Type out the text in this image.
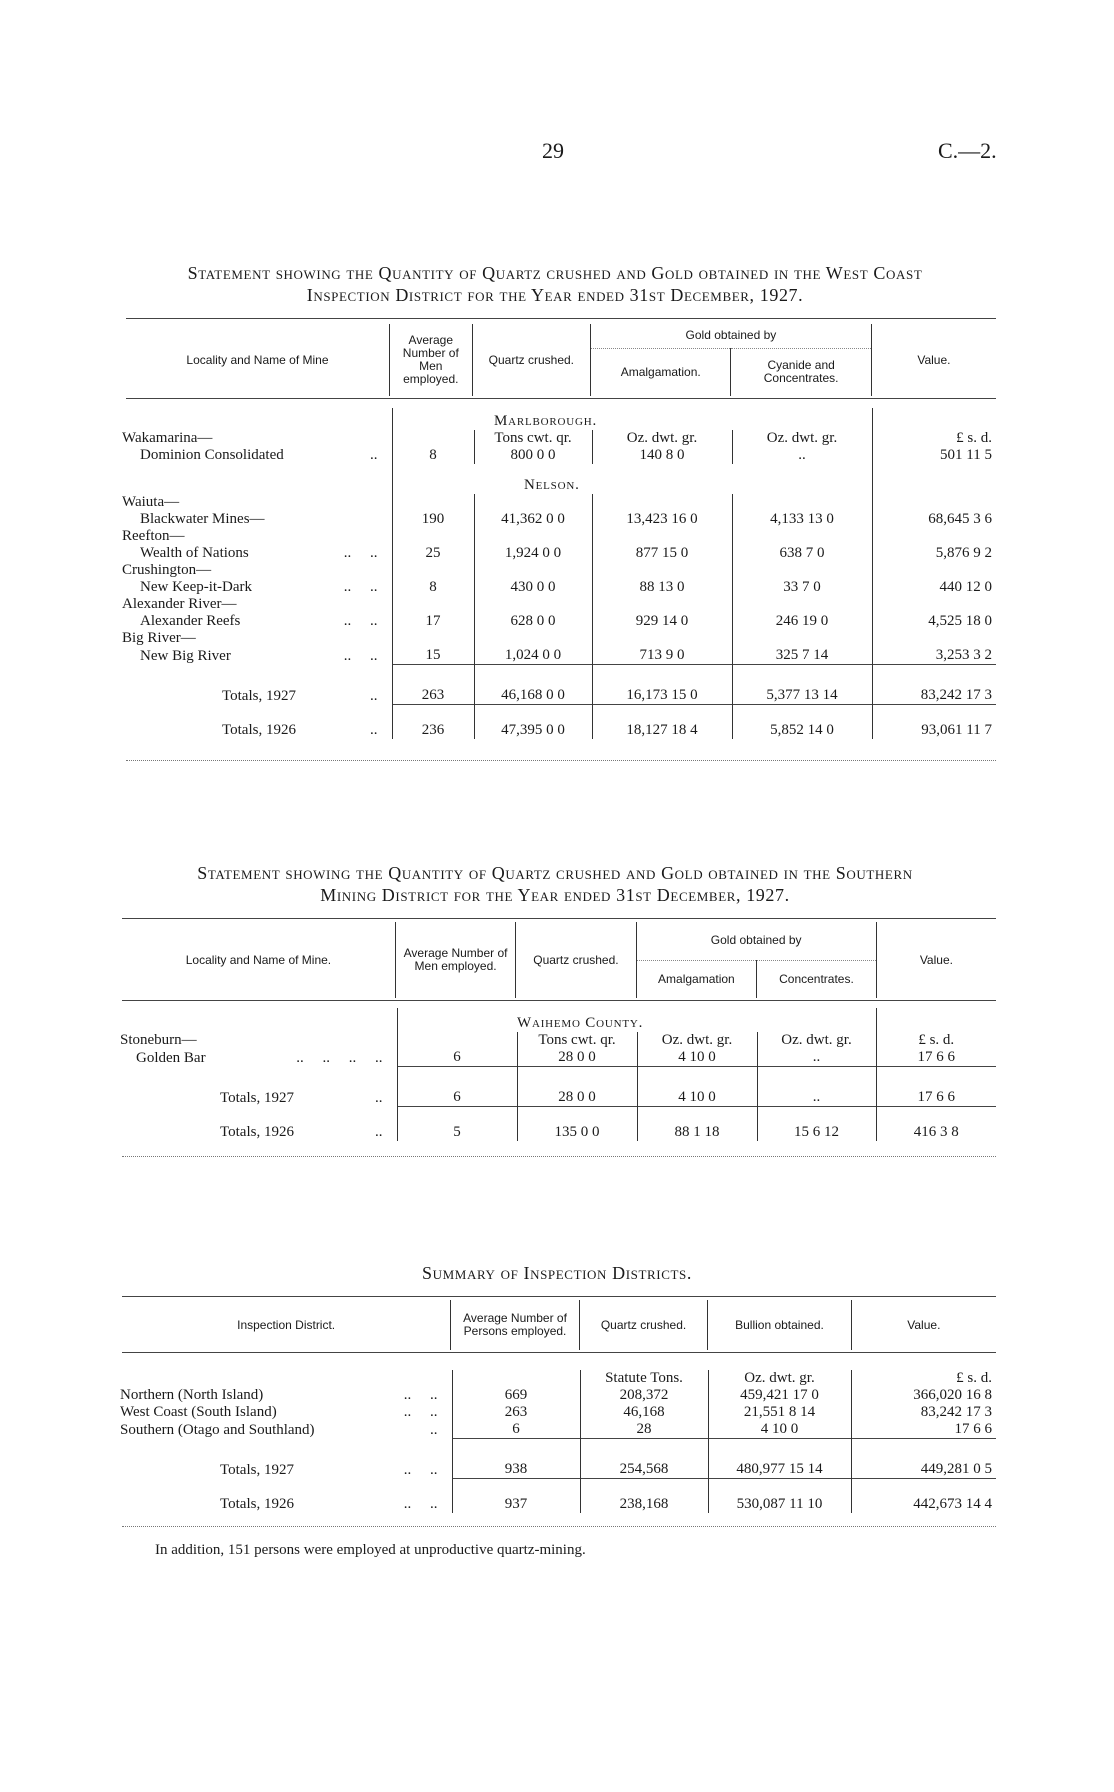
29	C.—2.
Statement showing the Quantity of Quartz crushed and Gold obtained in the West Coast
Inspection District for the Year ended 31st December, 1927.
Locality and Name of Mine	Average Number of Men employed.	Quartz crushed.	Gold obtained by		Value.
			Amalgamation.	Cyanide and Concentrates.	
		Marlborough.			
Wakamarina—		Tons cwt. qr.	Oz. dwt. gr.	Oz. dwt. gr.	£ s. d.

Dominion Consolidated ..	8	800 0 0	140 8 0	..	501 11 5
		Nelson.			
Waiuta—					
Blackwater Mines—	190	41,362 0 0	13,423 16 0	4,133 13 0	68,645 3 6
Reefton—					

Wealth of Nations ..     ..	25	1,924 0 0	877 15 0	638 7 0	5,876 9 2
Crushington—					

New Keep-it-Dark ..     ..	8	430 0 0	88 13 0	33 7 0	440 12 0
Alexander River—					

Alexander Reefs ..     ..	17	628 0 0	929 14 0	246 19 0	4,525 18 0
Big River—					

New Big River ..     ..	15	1,024 0 0	713 9 0	325 7 14	3,253 3 2

Totals, 1927 ..	263	46,168 0 0	16,173 15 0	5,377 13 14	83,242 17 3

Totals, 1926 ..	236	47,395 0 0	18,127 18 4	5,852 14 0	93,061 11 7
Statement showing the Quantity of Quartz crushed and Gold obtained in the Southern
Mining District for the Year ended 31st December, 1927.
Locality and Name of Mine.	Average Number of Men employed.	Quartz crushed.	Gold obtained by		Value.
			Amalgamation	Concentrates.	
		Waihemo County.			
Stoneburn—		Tons cwt. qr.	Oz. dwt. gr.	Oz. dwt. gr.	£ s. d.

Golden Bar ..     ..     ..     ..	6	28 0 0	4 10 0	..	17 6 6

Totals, 1927 ..	6	28 0 0	4 10 0	..	17 6 6

Totals, 1926 ..	5	135 0 0	88 1 18	15 6 12	416 3 8
Summary of Inspection Districts.
Inspection District.	Average Number of Persons employed.	Quartz crushed.	Bullion obtained.	Value.
		Statute Tons.	Oz. dwt. gr.	£ s. d.

Northern (North Island) ..     ..	669	208,372	459,421 17 0	366,020 16 8

West Coast (South Island) ..     ..	263	46,168	21,551 8 14	83,242 17 3

Southern (Otago and Southland) ..	6	28	4 10 0	17 6 6

Totals, 1927 ..     ..	938	254,568	480,977 15 14	449,281 0 5

Totals, 1926 ..     ..	937	238,168	530,087 11 10	442,673 14 4
In addition, 151 persons were employed at unproductive quartz-mining.
